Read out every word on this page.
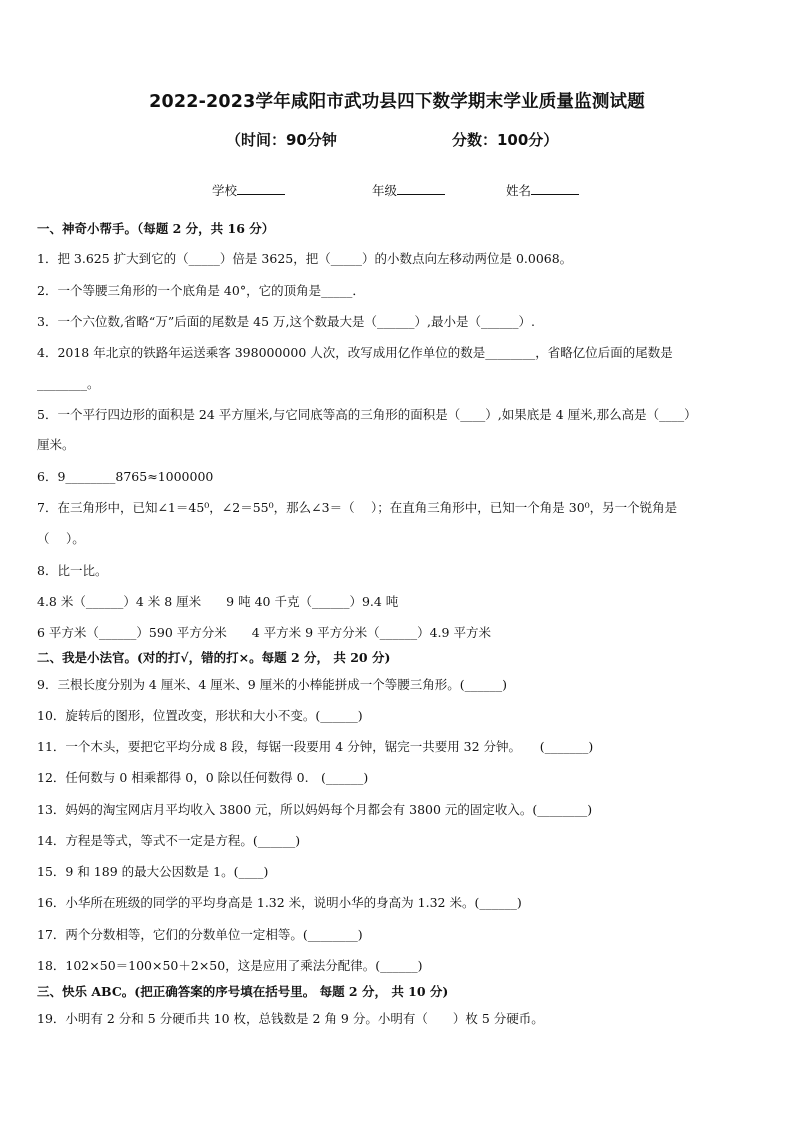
2022-2023学年咸阳市武功县四下数学期末学业质量监测试题
（时间：90分钟	分数：100分）
学校	年级	姓名
一、神奇小帮手。（每题 2 分，共 16 分）
1．把 3.625 扩大到它的（_____）倍是 3625，把（_____）的小数点向左移动两位是 0.0068。
2．一个等腰三角形的一个底角是 40°，它的顶角是_____．
3．一个六位数,省略“万”后面的尾数是 45 万,这个数最大是（______）,最小是（______）.
4．2018 年北京的铁路年运送乘客 398000000 人次，改写成用亿作单位的数是________，省略亿位后面的尾数是
________。
5．一个平行四边形的面积是 24 平方厘米,与它同底等高的三角形的面积是（____）,如果底是 4 厘米,那么高是（____）
厘米。
6．9________8765≈1000000
7．在三角形中，已知∠1＝45⁰，∠2＝55⁰，那么∠3＝（　 ）；在直角三角形中，已知一个角是 30⁰，另一个锐角是
（　 ）。
8．比一比。
4.8 米（______）4 米 8 厘米　　9 吨 40 千克（______）9.4 吨
6 平方米（______）590 平方分米　　4 平方米 9 平方分米（______）4.9 平方米
二、我是小法官。(对的打√，错的打×。每题 2 分， 共 20 分)
9．三根长度分别为 4 厘米、4 厘米、9 厘米的小棒能拼成一个等腰三角形。(______)
10．旋转后的图形，位置改变，形状和大小不变。(______)
11．一个木头，要把它平均分成 8 段，每锯一段要用 4 分钟，锯完一共要用 32 分钟。　　(_______)
12．任何数与 0 相乘都得 0，0 除以任何数得 0.　(______)
13．妈妈的淘宝网店月平均收入 3800 元，所以妈妈每个月都会有 3800 元的固定收入。(________)
14．方程是等式，等式不一定是方程。(______)
15．9 和 189 的最大公因数是 1。(____)
16．小华所在班级的同学的平均身高是 1.32 米，说明小华的身高为 1.32 米。(______)
17．两个分数相等，它们的分数单位一定相等。(________)
18．102×50＝100×50＋2×50，这是应用了乘法分配律。(______)
三、快乐 ABC。(把正确答案的序号填在括号里。 每题 2 分， 共 10 分)
19．小明有 2 分和 5 分硬币共 10 枚，总钱数是 2 角 9 分。小明有（　　）枚 5 分硬币。
